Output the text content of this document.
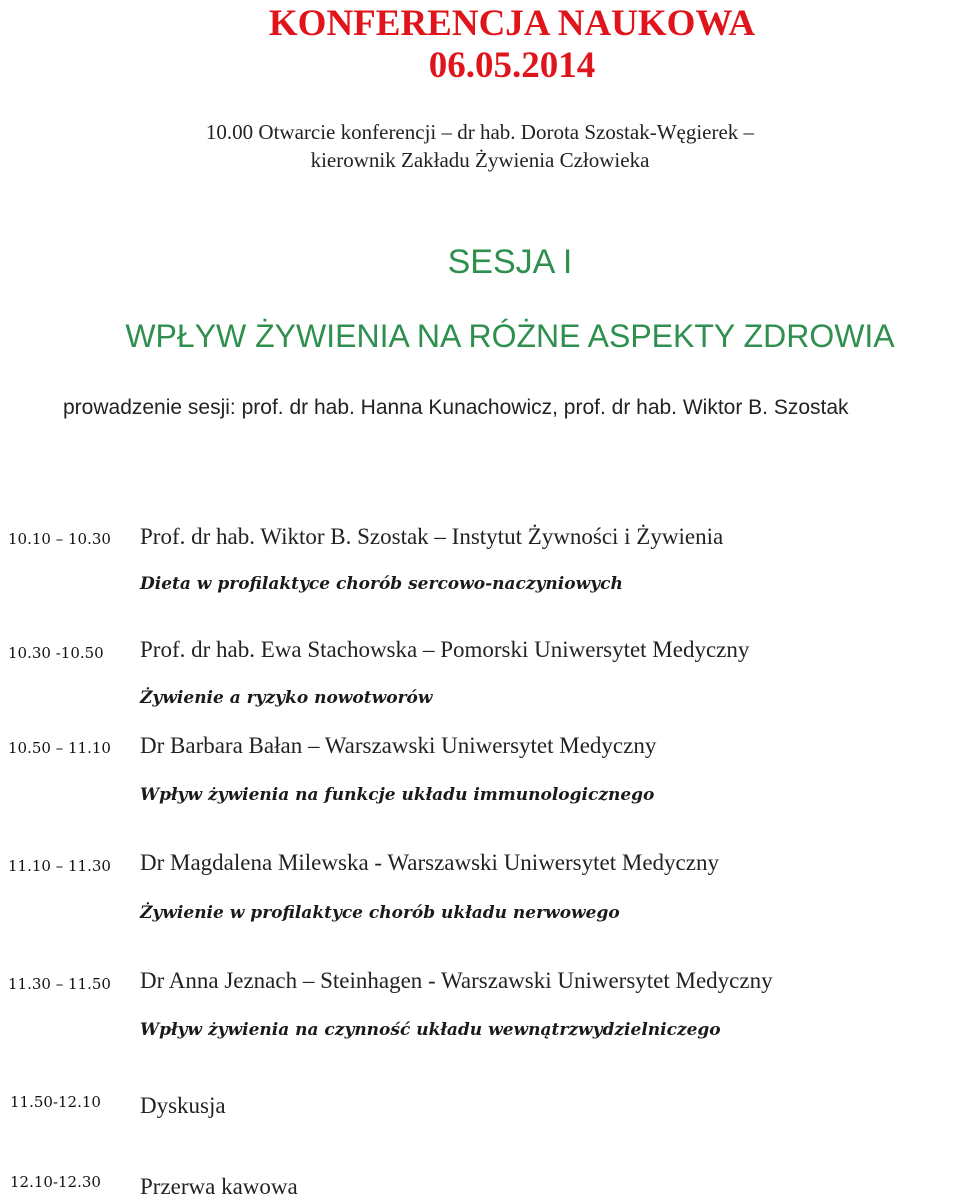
KONFERENCJA NAUKOWA
06.05.2014
10.00 Otwarcie konferencji – dr hab. Dorota Szostak-Węgierek –
kierownik Zakładu Żywienia Człowieka
SESJA I
WPŁYW ŻYWIENIA NA RÓŻNE ASPEKTY ZDROWIA
prowadzenie sesji: prof. dr hab. Hanna Kunachowicz, prof. dr hab. Wiktor B. Szostak
10.10 – 10.30 Prof. dr hab. Wiktor B. Szostak – Instytut Żywności i Żywienia
Dieta w profilaktyce chorób sercowo-naczyniowych
10.30 -10.50 Prof. dr hab. Ewa Stachowska – Pomorski Uniwersytet Medyczny
Żywienie a ryzyko nowotworów
10.50 – 11.10 Dr Barbara Bałan – Warszawski Uniwersytet Medyczny
Wpływ żywienia na funkcje układu immunologicznego
11.10 – 11.30 Dr Magdalena Milewska - Warszawski Uniwersytet Medyczny
Żywienie w profilaktyce chorób układu nerwowego
11.30 – 11.50 Dr Anna Jeznach – Steinhagen - Warszawski Uniwersytet Medyczny
Wpływ żywienia na czynność układu wewnątrzwydzielniczego
11.50-12.10 Dyskusja
12.10-12.30 Przerwa kawowa
